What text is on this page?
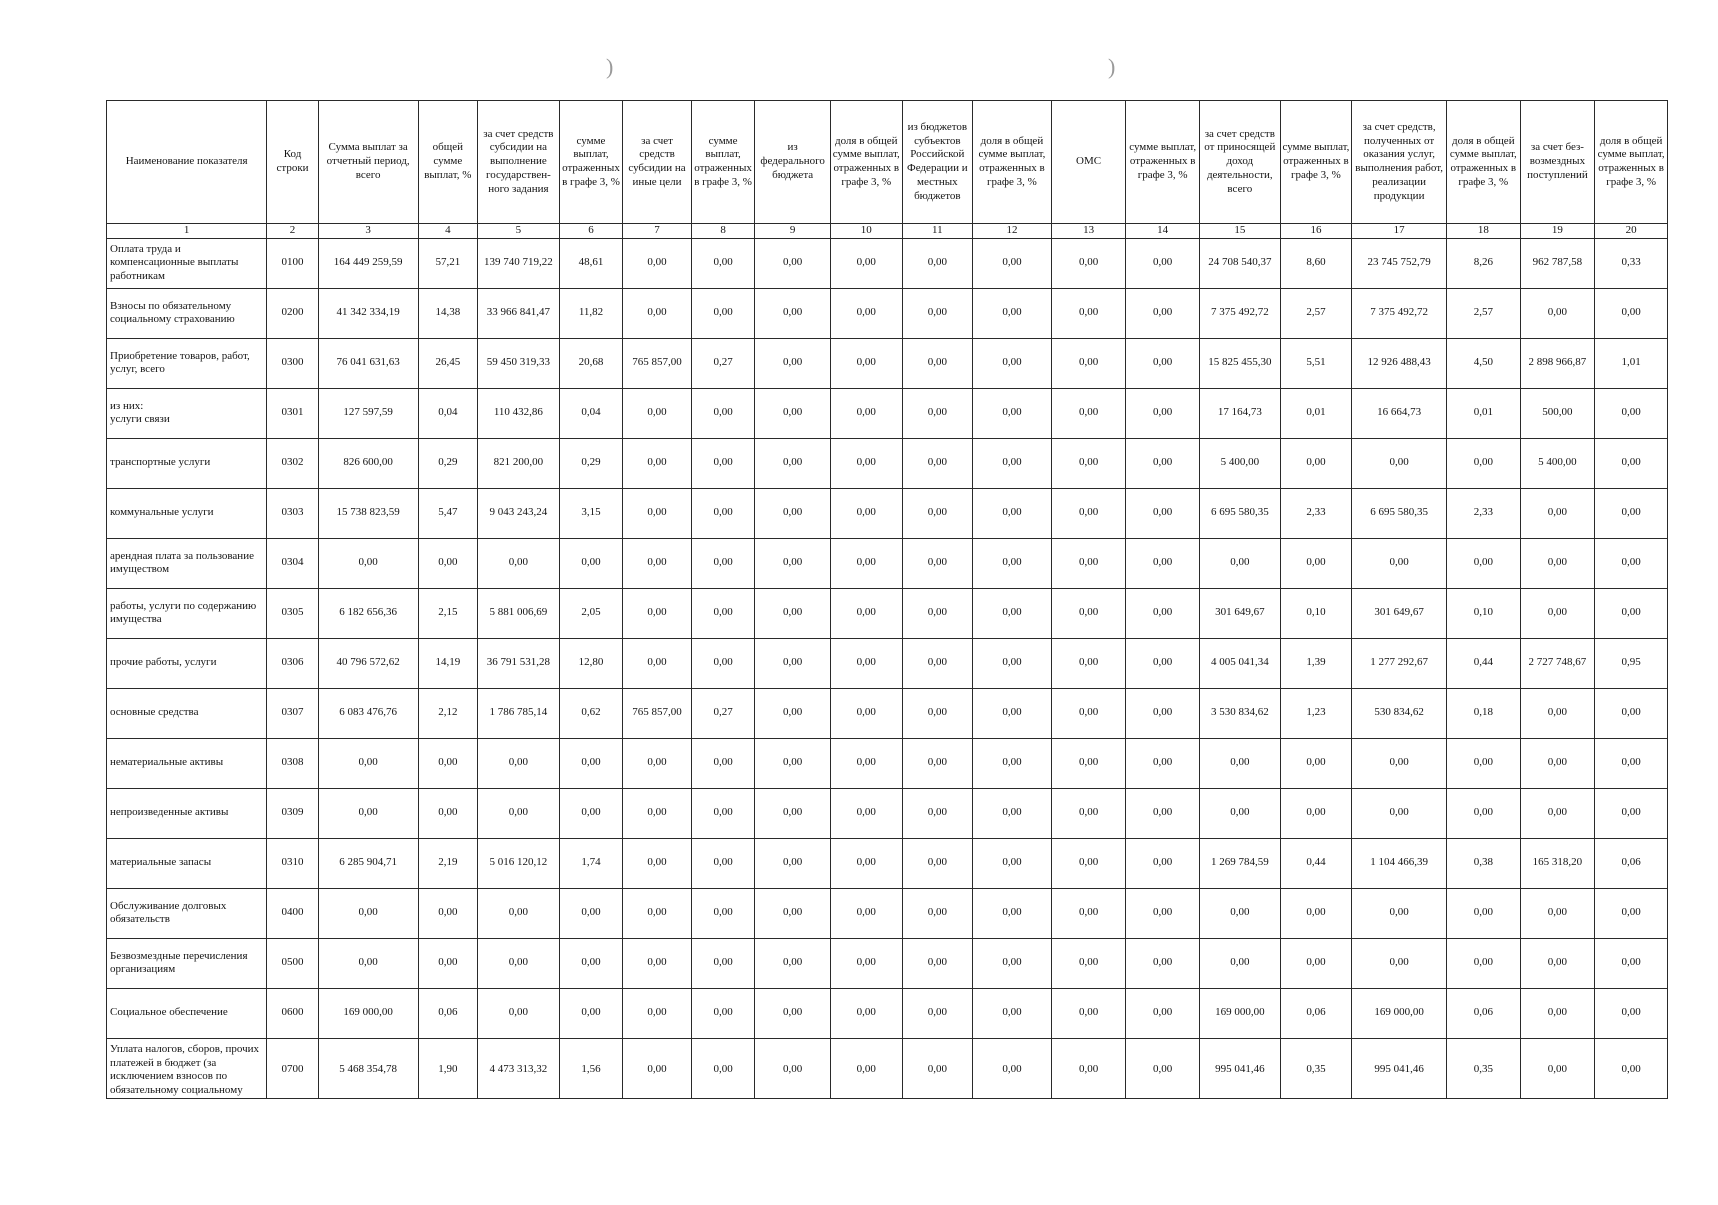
)	)
Наименование показателя	Код строки	Сумма выплат за отчетный период, всего	общей сумме выплат, %	за счет средств субсидии на выполнение государствен-ного задания	сумме выплат, отраженных в графе 3, %	за счет средств субсидии на иные цели	сумме выплат, отраженных в графе 3, %	из федерального бюджета	доля в общей сумме выплат, отраженных в графе 3, %	из бюджетов субъектов Российской Федерации и местных бюджетов	доля в общей сумме выплат, отраженных в графе 3, %	ОМС	сумме выплат, отраженных в графе 3, %	за счет средств от приносящей доход деятельности, всего	сумме выплат, отраженных в графе 3, %	за счет средств, полученных от оказания услуг, выполнения работ, реализации продукции	доля в общей сумме выплат, отраженных в графе 3, %	за счет без-возмездных поступлений	доля в общей сумме выплат, отраженных в графе 3, %
1	2	3	4	5	6	7	8	9	10	11	12	13	14	15	16	17	18	19	20
Оплата труда и компенсационные выплаты работникам	0100	164 449 259,59	57,21	139 740 719,22	48,61	0,00	0,00	0,00	0,00	0,00	0,00	0,00	0,00	24 708 540,37	8,60	23 745 752,79	8,26	962 787,58	0,33
Взносы по обязательному социальному страхованию	0200	41 342 334,19	14,38	33 966 841,47	11,82	0,00	0,00	0,00	0,00	0,00	0,00	0,00	0,00	7 375 492,72	2,57	7 375 492,72	2,57	0,00	0,00
Приобретение товаров, работ, услуг, всего	0300	76 041 631,63	26,45	59 450 319,33	20,68	765 857,00	0,27	0,00	0,00	0,00	0,00	0,00	0,00	15 825 455,30	5,51	12 926 488,43	4,50	2 898 966,87	1,01
из них:
услуги связи	0301	127 597,59	0,04	110 432,86	0,04	0,00	0,00	0,00	0,00	0,00	0,00	0,00	0,00	17 164,73	0,01	16 664,73	0,01	500,00	0,00
транспортные услуги	0302	826 600,00	0,29	821 200,00	0,29	0,00	0,00	0,00	0,00	0,00	0,00	0,00	0,00	5 400,00	0,00	0,00	0,00	5 400,00	0,00
коммунальные услуги	0303	15 738 823,59	5,47	9 043 243,24	3,15	0,00	0,00	0,00	0,00	0,00	0,00	0,00	0,00	6 695 580,35	2,33	6 695 580,35	2,33	0,00	0,00
арендная плата за пользование имуществом	0304	0,00	0,00	0,00	0,00	0,00	0,00	0,00	0,00	0,00	0,00	0,00	0,00	0,00	0,00	0,00	0,00	0,00	0,00
работы, услуги по содержанию имущества	0305	6 182 656,36	2,15	5 881 006,69	2,05	0,00	0,00	0,00	0,00	0,00	0,00	0,00	0,00	301 649,67	0,10	301 649,67	0,10	0,00	0,00
прочие работы, услуги	0306	40 796 572,62	14,19	36 791 531,28	12,80	0,00	0,00	0,00	0,00	0,00	0,00	0,00	0,00	4 005 041,34	1,39	1 277 292,67	0,44	2 727 748,67	0,95
основные средства	0307	6 083 476,76	2,12	1 786 785,14	0,62	765 857,00	0,27	0,00	0,00	0,00	0,00	0,00	0,00	3 530 834,62	1,23	530 834,62	0,18	0,00	0,00
нематериальные активы	0308	0,00	0,00	0,00	0,00	0,00	0,00	0,00	0,00	0,00	0,00	0,00	0,00	0,00	0,00	0,00	0,00	0,00	0,00
непроизведенные активы	0309	0,00	0,00	0,00	0,00	0,00	0,00	0,00	0,00	0,00	0,00	0,00	0,00	0,00	0,00	0,00	0,00	0,00	0,00
материальные запасы	0310	6 285 904,71	2,19	5 016 120,12	1,74	0,00	0,00	0,00	0,00	0,00	0,00	0,00	0,00	1 269 784,59	0,44	1 104 466,39	0,38	165 318,20	0,06
Обслуживание долговых обязательств	0400	0,00	0,00	0,00	0,00	0,00	0,00	0,00	0,00	0,00	0,00	0,00	0,00	0,00	0,00	0,00	0,00	0,00	0,00
Безвозмездные перечисления организациям	0500	0,00	0,00	0,00	0,00	0,00	0,00	0,00	0,00	0,00	0,00	0,00	0,00	0,00	0,00	0,00	0,00	0,00	0,00
Социальное обеспечение	0600	169 000,00	0,06	0,00	0,00	0,00	0,00	0,00	0,00	0,00	0,00	0,00	0,00	169 000,00	0,06	169 000,00	0,06	0,00	0,00
Уплата налогов, сборов, прочих платежей в бюджет (за исключением взносов по обязательному социальному	0700	5 468 354,78	1,90	4 473 313,32	1,56	0,00	0,00	0,00	0,00	0,00	0,00	0,00	0,00	995 041,46	0,35	995 041,46	0,35	0,00	0,00
